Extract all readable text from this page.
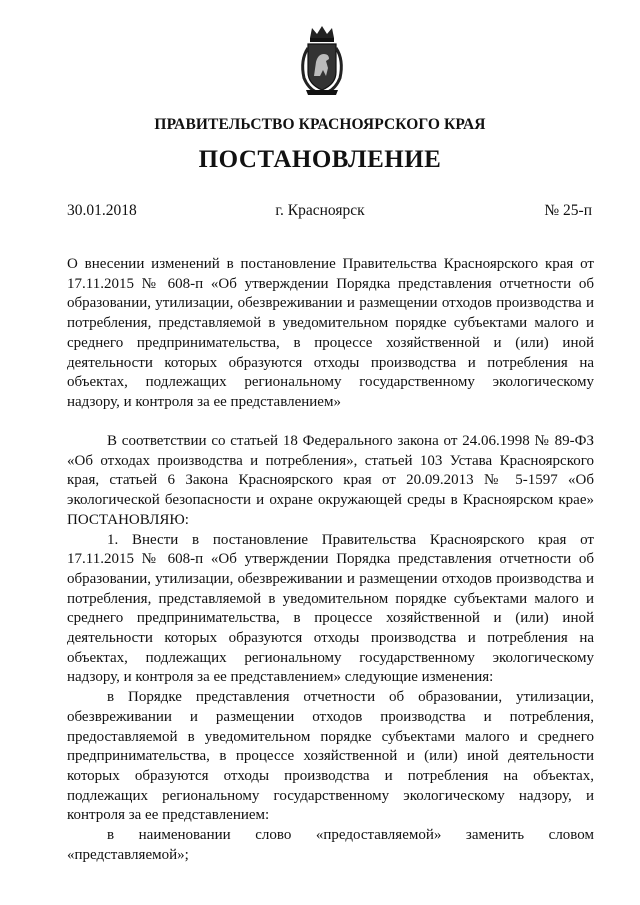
ПРАВИТЕЛЬСТВО КРАСНОЯРСКОГО КРАЯ
ПОСТАНОВЛЕНИЕ
30.01.2018	г. Красноярск	№ 25-п

О внесении изменений в постановление Правительства Красноярского края от 17.11.2015 № 608-п «Об утверждении Порядка представления отчетности об образовании, утилизации, обезвреживании и размещении отходов производства и потребления, представляемой в уведомительном порядке субъектами малого и среднего предпринимательства, в процессе хозяйственной и (или) иной деятельности которых образуются отходы производства и потребления на объектах, подлежащих региональному государственному экологическому надзору, и контроля за ее представлением»

В соответствии со статьей 18 Федерального закона от 24.06.1998 № 89-ФЗ «Об отходах производства и потребления», статьей 103 Устава Красноярского края, статьей 6 Закона Красноярского края от 20.09.2013 № 5-1597 «Об экологической безопасности и охране окружающей среды в Красноярском крае» ПОСТАНОВЛЯЮ:

1. Внести в постановление Правительства Красноярского края от 17.11.2015 № 608-п «Об утверждении Порядка представления отчетности об образовании, утилизации, обезвреживании и размещении отходов производства и потребления, представляемой в уведомительном порядке субъектами малого и среднего предпринимательства, в процессе хозяйственной и (или) иной деятельности которых образуются отходы производства и потребления на объектах, подлежащих региональному государственному экологическому надзору, и контроля за ее представлением» следующие изменения:

в Порядке представления отчетности об образовании, утилизации, обезвреживании и размещении отходов производства и потребления, предоставляемой в уведомительном порядке субъектами малого и среднего предпринимательства, в процессе хозяйственной и (или) иной деятельности которых образуются отходы производства и потребления на объектах, подлежащих региональному государственному экологическому надзору, и контроля за ее представлением:

в наименовании слово «предоставляемой» заменить словом «представляемой»;
